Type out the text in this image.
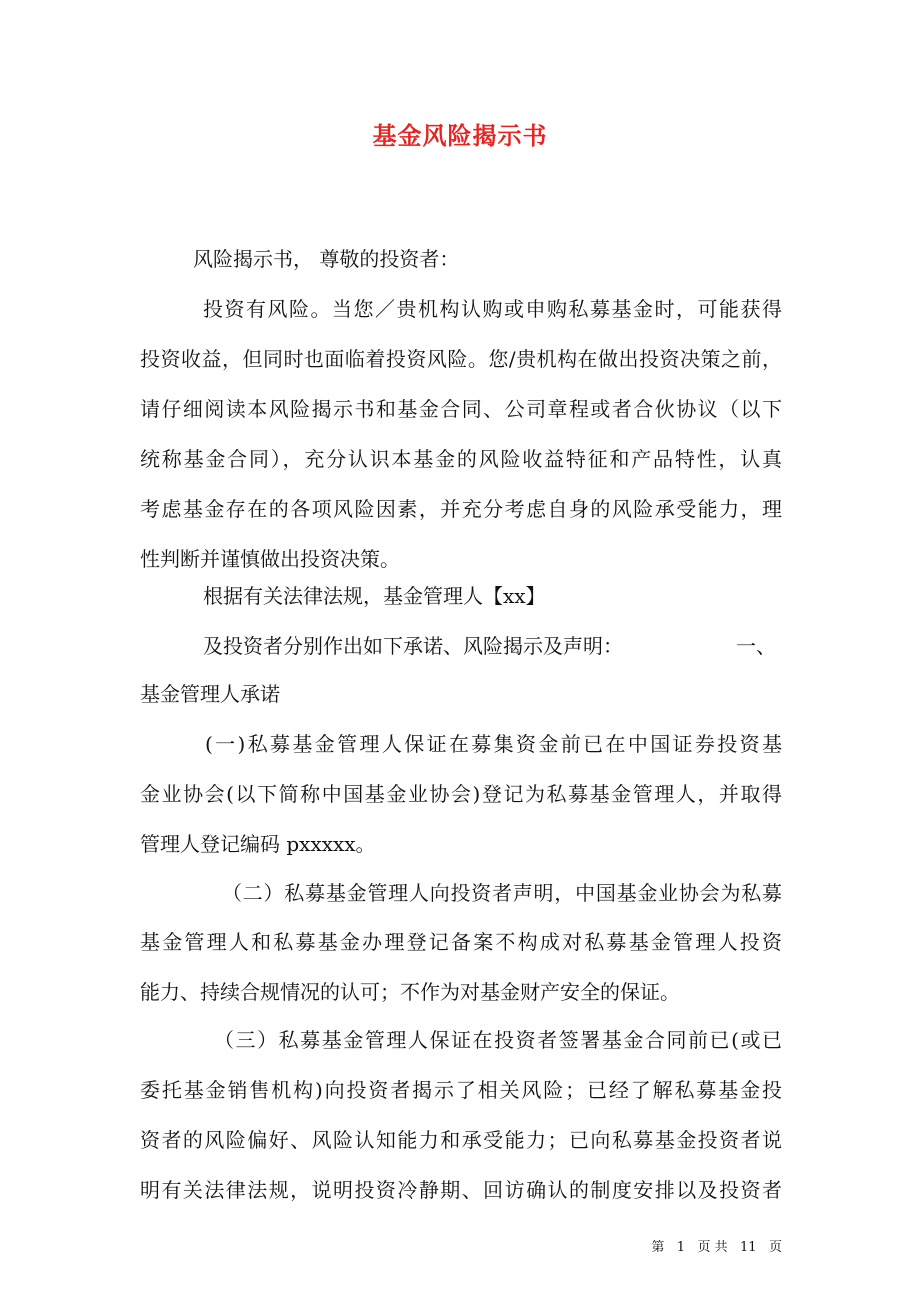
基金风险揭示书
风险揭示书， 尊敬的投资者：
投资有风险。当您／贵机构认购或申购私募基金时，可能获得
投资收益，但同时也面临着投资风险。您/贵机构在做出投资决策之前，
请仔细阅读本风险揭示书和基金合同、公司章程或者合伙协议（以下
统称基金合同），充分认识本基金的风险收益特征和产品特性，认真
考虑基金存在的各项风险因素，并充分考虑自身的风险承受能力，理
性判断并谨慎做出投资决策。
根据有关法律法规，基金管理人【xx】
及投资者分别作出如下承诺、风险揭示及声明：	一、
基金管理人承诺
(一)私募基金管理人保证在募集资金前已在中国证券投资基
金业协会(以下简称中国基金业协会)登记为私募基金管理人，并取得
管理人登记编码 pxxxxx。
（二）私募基金管理人向投资者声明，中国基金业协会为私募
基金管理人和私募基金办理登记备案不构成对私募基金管理人投资
能力、持续合规情况的认可；不作为对基金财产安全的保证。
（三）私募基金管理人保证在投资者签署基金合同前已(或已
委托基金销售机构)向投资者揭示了相关风险；已经了解私募基金投
资者的风险偏好、风险认知能力和承受能力；已向私募基金投资者说
明有关法律法规，说明投资冷静期、回访确认的制度安排以及投资者
第 1 页 共 11 页
